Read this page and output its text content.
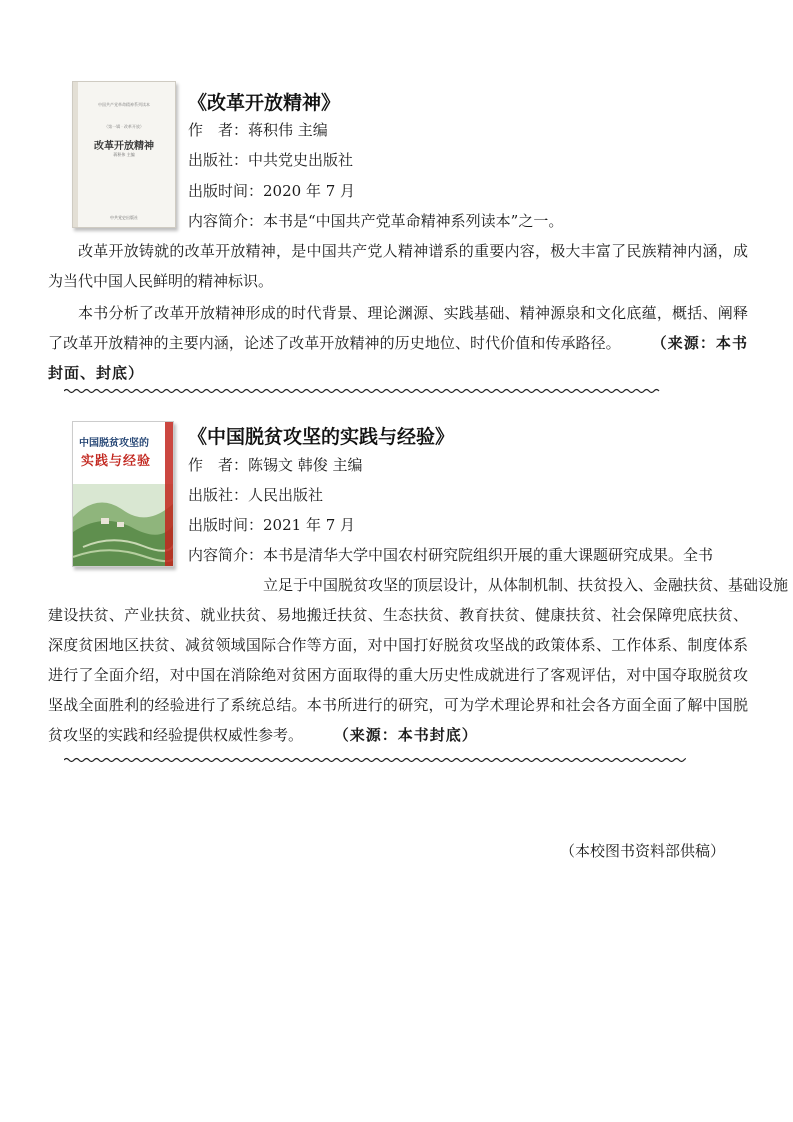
中国共产党革命精神系列读本
（第一辑 · 改革开放）
改革开放精神
蒋积伟 主编
中共党史出版社
《改革开放精神》
作　者：蒋积伟 主编
出版社：中共党史出版社
出版时间：2020 年 7 月
内容简介：本书是“中国共产党革命精神系列读本”之一。
改革开放铸就的改革开放精神，是中国共产党人精神谱系的重要内容，极大丰富了民族精神内涵，成为当代中国人民鲜明的精神标识。
本书分析了改革开放精神形成的时代背景、理论渊源、实践基础、精神源泉和文化底蕴，概括、阐释了改革开放精神的主要内涵，论述了改革开放精神的历史地位、时代价值和传承路径。 （来源：本书封面、封底）
中国脱贫攻坚的
实践与经验
《中国脱贫攻坚的实践与经验》
作　者：陈锡文 韩俊 主编
出版社：人民出版社
出版时间：2021 年 7 月
内容简介：本书是清华大学中国农村研究院组织开展的重大课题研究成果。全书
立足于中国脱贫攻坚的顶层设计，从体制机制、扶贫投入、金融扶贫、基础设施
建设扶贫、产业扶贫、就业扶贫、易地搬迁扶贫、生态扶贫、教育扶贫、健康扶贫、社会保障兜底扶贫、深度贫困地区扶贫、减贫领域国际合作等方面，对中国打好脱贫攻坚战的政策体系、工作体系、制度体系进行了全面介绍，对中国在消除绝对贫困方面取得的重大历史性成就进行了客观评估，对中国夺取脱贫攻坚战全面胜利的经验进行了系统总结。本书所进行的研究，可为学术理论界和社会各方面全面了解中国脱贫攻坚的实践和经验提供权威性参考。 （来源：本书封底）
（本校图书资料部供稿）
